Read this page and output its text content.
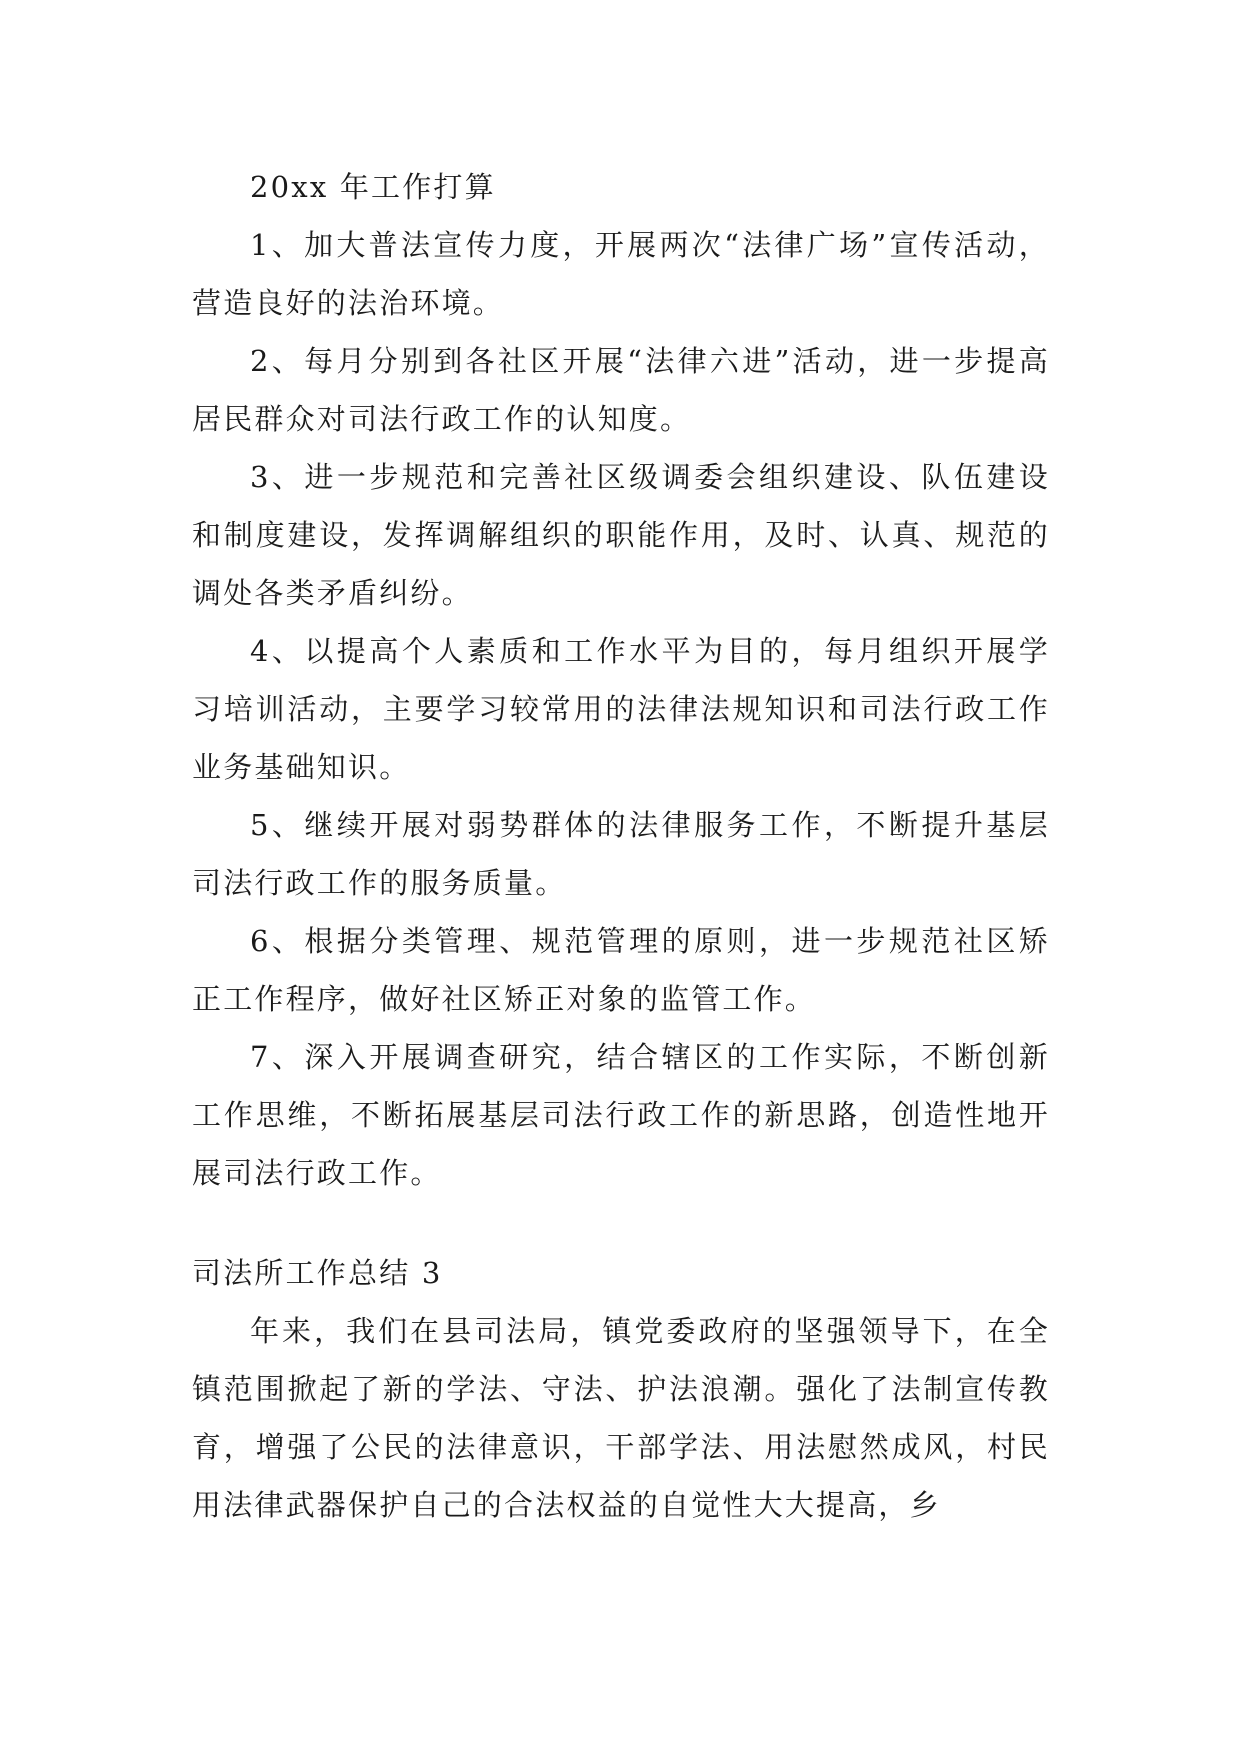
20xx 年工作打算

1、加大普法宣传力度，开展两次“法律广场”宣传活动，营造良好的法治环境。

2、每月分别到各社区开展“法律六进”活动，进一步提高居民群众对司法行政工作的认知度。

3、进一步规范和完善社区级调委会组织建设、队伍建设和制度建设，发挥调解组织的职能作用，及时、认真、规范的调处各类矛盾纠纷。

4、以提高个人素质和工作水平为目的，每月组织开展学习培训活动，主要学习较常用的法律法规知识和司法行政工作业务基础知识。

5、继续开展对弱势群体的法律服务工作，不断提升基层司法行政工作的服务质量。

6、根据分类管理、规范管理的原则，进一步规范社区矫正工作程序，做好社区矫正对象的监管工作。

7、深入开展调查研究，结合辖区的工作实际，不断创新工作思维，不断拓展基层司法行政工作的新思路，创造性地开展司法行政工作。

司法所工作总结 3

年来，我们在县司法局，镇党委政府的坚强领导下，在全镇范围掀起了新的学法、守法、护法浪潮。强化了法制宣传教育，增强了公民的法律意识，干部学法、用法慰然成风，村民用法律武器保护自己的合法权益的自觉性大大提高，乡
